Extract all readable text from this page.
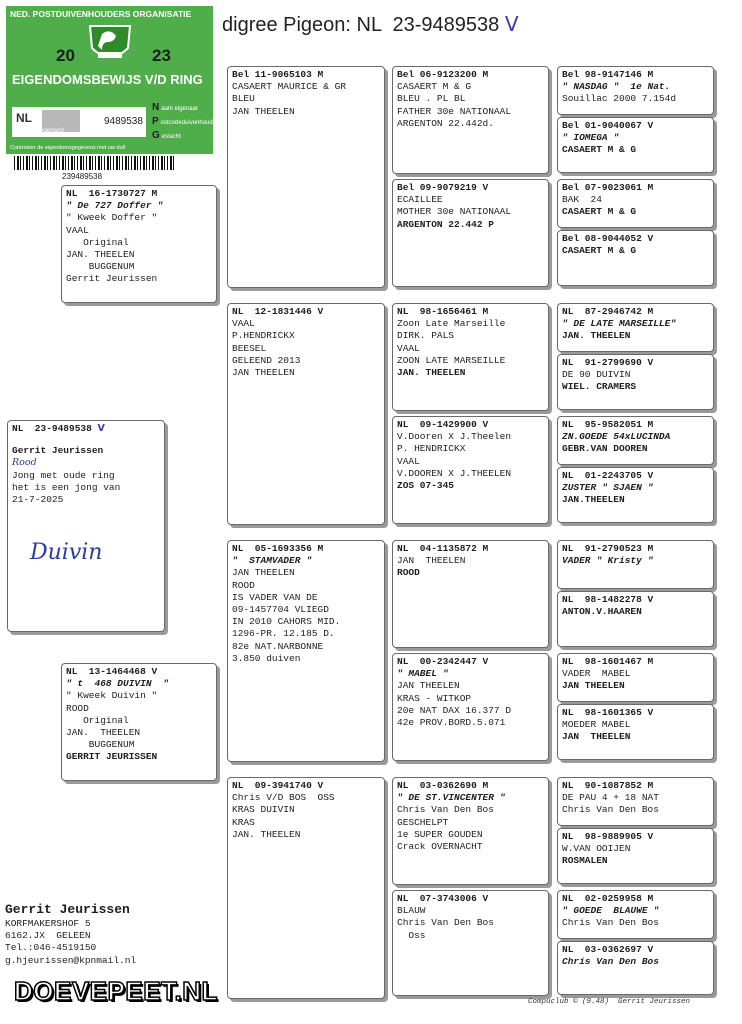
NED. POSTDUIVENHOUDERS ORGANISATIE
20	23
EIGENDOMSBEWIJS V/D RING
NL	9489538
Nederland
Naam eigenaar
Postcodeduivenhouder
Geslacht
Controleer de eigendomsgegevens met uw duif
239489538
digree Pigeon: NL  23-9489538 V
NL  23-9489538 V
Gerrit Jeurissen
Rood
Jong met oude ring
het is een jong van
21-7-2025
Duivin
NL  16-1730727 M
" De 727 Doffer "
" Kweek Doffer "
VAAL
Original
JAN. THEELEN
BUGGENUM
Gerrit Jeurissen
NL  13-1464468 V
" t  468 DUIVIN  "
" Kweek Duivin "
ROOD
Original
JAN.  THEELEN
BUGGENUM
GERRIT JEURISSEN
Bel 11-9065103 M
CASAERT MAURICE & GR
BLEU
JAN THEELEN
NL  12-1831446 V
VAAL
P.HENDRICKX
BEESEL
GELEEND 2013
JAN THEELEN
NL  05-1693356 M
"  STAMVADER "
JAN THEELEN
ROOD
IS VADER VAN DE
09-1457704 VLIEGD
IN 2010 CAHORS MID.
1296-PR. 12.185 D.
82e NAT.NARBONNE
3.850 duiven
NL  09-3941740 V
Chris V/D BOS  OSS
KRAS DUIVIN
KRAS
JAN. THEELEN
Bel 06-9123200 M
CASAERT M & G
BLEU . PL BL
FATHER 30e NATIONAAL
ARGENTON 22.442d.
Bel 09-9079219 V
ECAILLEE
MOTHER 30e NATIONAAL
ARGENTON 22.442 P
NL  98-1656461 M
Zoon Late Marseille
DIRK. PALS
VAAL
ZOON LATE MARSEILLE
JAN. THEELEN
NL  09-1429900 V
V.Dooren X J.Theelen
P. HENDRICKX
VAAL
V.DOOREN X J.THEELEN
ZOS 07-345
NL  04-1135872 M
JAN  THEELEN
ROOD
NL  00-2342447 V
" MABEL "
JAN THEELEN
KRAS - WITKOP
20e NAT DAX 16.377 D
42e PROV.BORD.5.071
NL  03-0362690 M
" DE ST.VINCENTER "
Chris Van Den Bos
GESCHELPT
1e SUPER GOUDEN
Crack OVERNACHT
NL  07-3743006 V
BLAUW
Chris Van Den Bos
Oss
Bel 98-9147146 M
" NASDAG "  1e Nat.
Souillac 2000 7.154d
Bel 01-9040067 V
" IOMEGA "
CASAERT M & G
Bel 07-9023061 M
BAK  24
CASAERT M & G
Bel 08-9044052 V
CASAERT M & G
NL  87-2946742 M
" DE LATE MARSEILLE"
JAN. THEELEN
NL  91-2799690 V
DE 90 DUIVIN
WIEL. CRAMERS
NL  95-9582051 M
ZN.GOEDE 54xLUCINDA
GEBR.VAN DOOREN
NL  01-2243705 V
ZUSTER " SJAEN "
JAN.THEELEN
NL  91-2790523 M
VADER " Kristy "
NL  98-1482278 V
ANTON.V.HAAREN
NL  98-1601467 M
VADER  MABEL
JAN THEELEN
NL  98-1601365 V
MOEDER MABEL
JAN  THEELEN
NL  90-1087852 M
DE PAU 4 + 18 NAT
Chris Van Den Bos
NL  98-9889905 V
W.VAN OOIJEN
ROSMALEN
NL  02-0259958 M
" GOEDE  BLAUWE "
Chris Van Den Bos
NL  03-0362697 V
Chris Van Den Bos
Gerrit Jeurissen
KORFMAKERSHOF 5
6162.JX  GELEEN
Tel.:046-4519150
g.hjeurissen@kpnmail.nl
DOEVEPEET.NL	Compuclub © (9.48)  Gerrit Jeurissen
